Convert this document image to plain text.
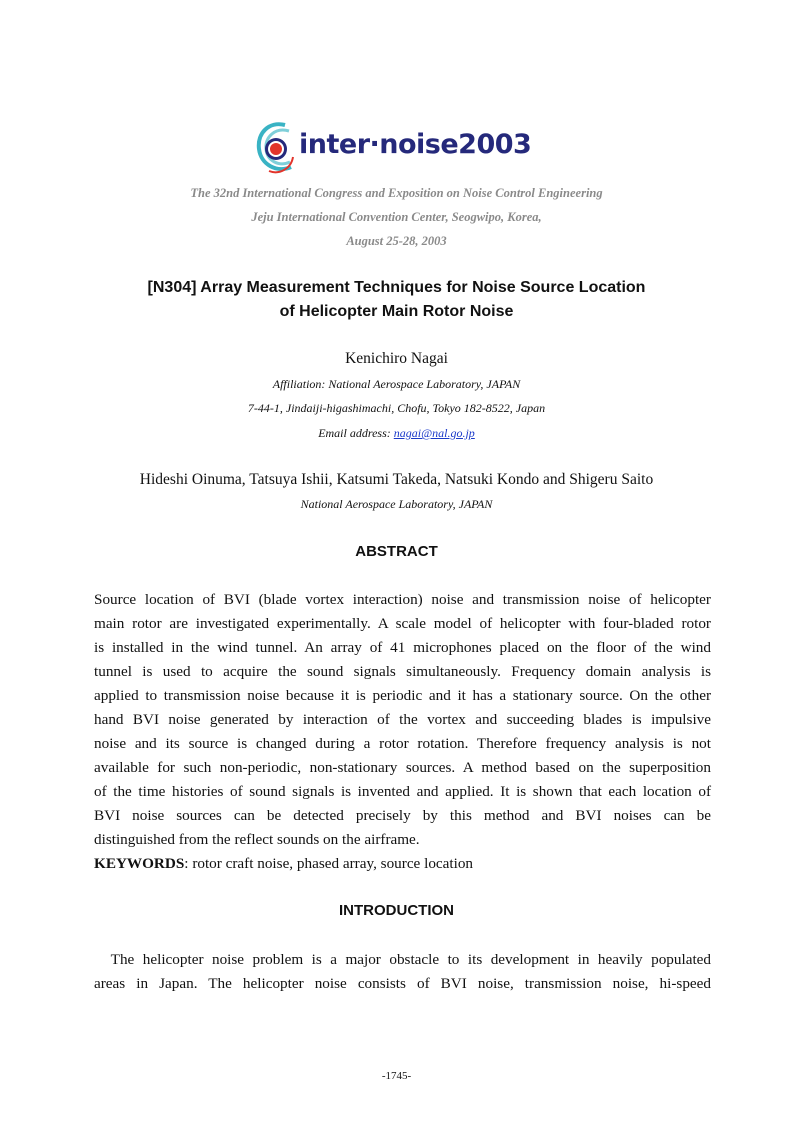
inter·noise2003
The 32nd International Congress and Exposition on Noise Control Engineering
Jeju International Convention Center, Seogwipo, Korea,
August 25-28, 2003
[N304] Array Measurement Techniques for Noise Source Location
of Helicopter Main Rotor Noise
Kenichiro Nagai
Affiliation: National Aerospace Laboratory, JAPAN
7-44-1, Jindaiji-higashimachi, Chofu, Tokyo 182-8522, Japan
Email address: nagai@nal.go.jp
Hideshi Oinuma, Tatsuya Ishii, Katsumi Takeda, Natsuki Kondo and Shigeru Saito
National Aerospace Laboratory, JAPAN
ABSTRACT
Source location of BVI (blade vortex interaction) noise and transmission noise of helicopter
main rotor are investigated experimentally. A scale model of helicopter with four-bladed rotor
is installed in the wind tunnel. An array of 41 microphones placed on the floor of the wind
tunnel is used to acquire the sound signals simultaneously. Frequency domain analysis is
applied to transmission noise because it is periodic and it has a stationary source. On the other
hand BVI noise generated by interaction of the vortex and succeeding blades is impulsive
noise and its source is changed during a rotor rotation. Therefore frequency analysis is not
available for such non-periodic, non-stationary sources. A method based on the superposition
of the time histories of sound signals is invented and applied. It is shown that each location of
BVI noise sources can be detected precisely by this method and BVI noises can be
distinguished from the reflect sounds on the airframe.
KEYWORDS: rotor craft noise, phased array, source location
INTRODUCTION
The helicopter noise problem is a major obstacle to its development in heavily populated
areas in Japan. The helicopter noise consists of BVI noise, transmission noise, hi-speed
-1745-
